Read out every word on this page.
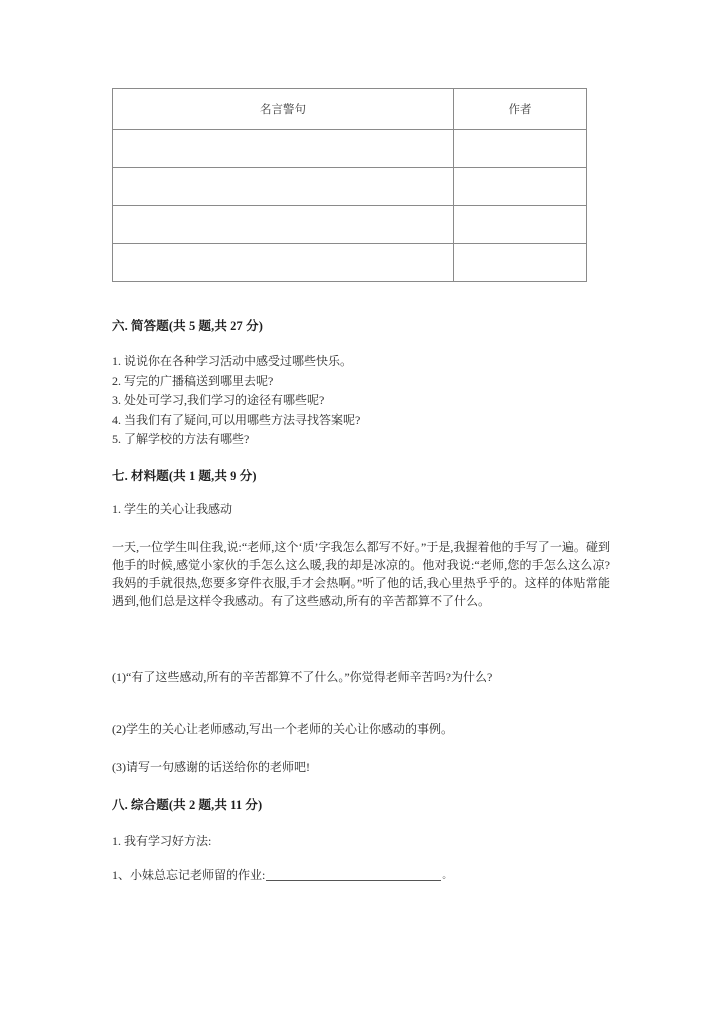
名言警句	作者

六. 简答题(共 5 题,共 27 分)
1. 说说你在各种学习活动中感受过哪些快乐。
2. 写完的广播稿送到哪里去呢?
3. 处处可学习,我们学习的途径有哪些呢?
4. 当我们有了疑问,可以用哪些方法寻找答案呢?
5. 了解学校的方法有哪些?
七. 材料题(共 1 题,共 9 分)

1. 学生的关心让我感动

一天,一位学生叫住我,说:“老师,这个‘质’字我怎么都写不好。”于是,我握着他的手写了一遍。碰到他手的时候,感觉小家伙的手怎么这么暖,我的却是冰凉的。他对我说:“老师,您的手怎么这么凉?我妈的手就很热,您要多穿件衣服,手才会热啊。”听了他的话,我心里热乎乎的。这样的体贴常能遇到,他们总是这样令我感动。有了这些感动,所有的辛苦都算不了什么。

(1)“有了这些感动,所有的辛苦都算不了什么。”你觉得老师辛苦吗?为什么?

(2)学生的关心让老师感动,写出一个老师的关心让你感动的事例。

(3)请写一句感谢的话送给你的老师吧!

八. 综合题(共 2 题,共 11 分)

1. 我有学习好方法:

1、小妹总忘记老师留的作业:	。
